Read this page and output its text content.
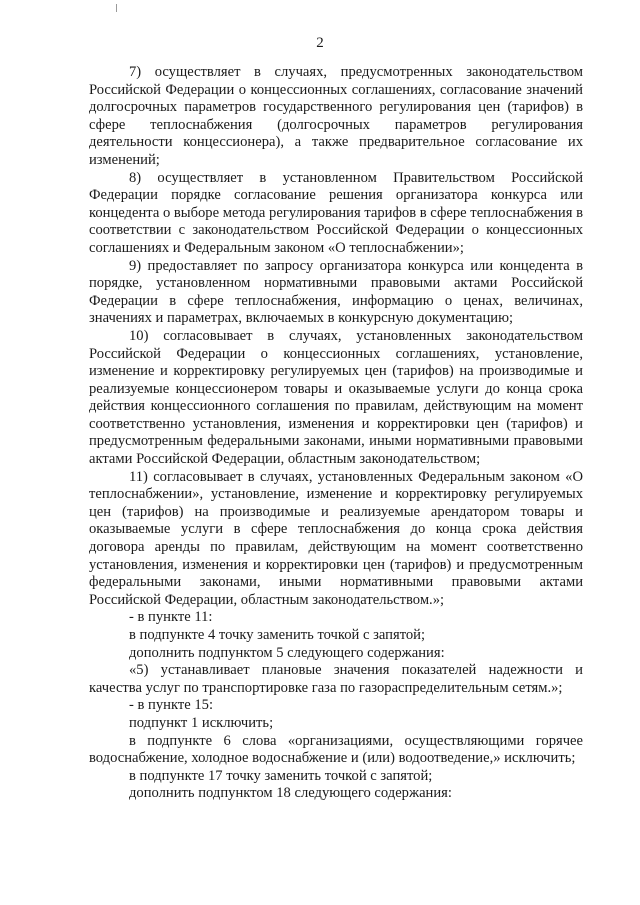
2

7) осуществляет в случаях, предусмотренных законодательством Российской Федерации о концессионных соглашениях, согласование значений долгосрочных параметров государственного регулирования цен (тарифов) в сфере теплоснабжения (долгосрочных параметров регулирования деятельности концессионера), а также предварительное согласование их изменений;

8) осуществляет в установленном Правительством Российской Федерации порядке согласование решения организатора конкурса или концедента о выборе метода регулирования тарифов в сфере теплоснабжения в соответствии с законодательством Российской Федерации о концессионных соглашениях и Федеральным законом «О теплоснабжении»;

9) предоставляет по запросу организатора конкурса или концедента в порядке, установленном нормативными правовыми актами Российской Федерации в сфере теплоснабжения, информацию о ценах, величинах, значениях и параметрах, включаемых в конкурсную документацию;

10) согласовывает в случаях, установленных законодательством Российской Федерации о концессионных соглашениях, установление, изменение и корректировку регулируемых цен (тарифов) на производимые и реализуемые концессионером товары и оказываемые услуги до конца срока действия концессионного соглашения по правилам, действующим на момент соответственно установления, изменения и корректировки цен (тарифов) и предусмотренным федеральными законами, иными нормативными правовыми актами Российской Федерации, областным законодательством;

11) согласовывает в случаях, установленных Федеральным законом «О теплоснабжении», установление, изменение и корректировку регулируемых цен (тарифов) на производимые и реализуемые арендатором товары и оказываемые услуги в сфере теплоснабжения до конца срока действия договора аренды по правилам, действующим на момент соответственно установления, изменения и корректировки цен (тарифов) и предусмотренным федеральными законами, иными нормативными правовыми актами Российской Федерации, областным законодательством.»;

- в пункте 11:

в подпункте 4 точку заменить точкой с запятой;

дополнить подпунктом 5 следующего содержания:

«5) устанавливает плановые значения показателей надежности и качества услуг по транспортировке газа по газораспределительным сетям.»;

- в пункте 15:

подпункт 1 исключить;

в подпункте 6 слова «организациями, осуществляющими горячее водоснабжение, холодное водоснабжение и (или) водоотведение,» исключить;

в подпункте 17 точку заменить точкой с запятой;

дополнить подпунктом 18 следующего содержания:
